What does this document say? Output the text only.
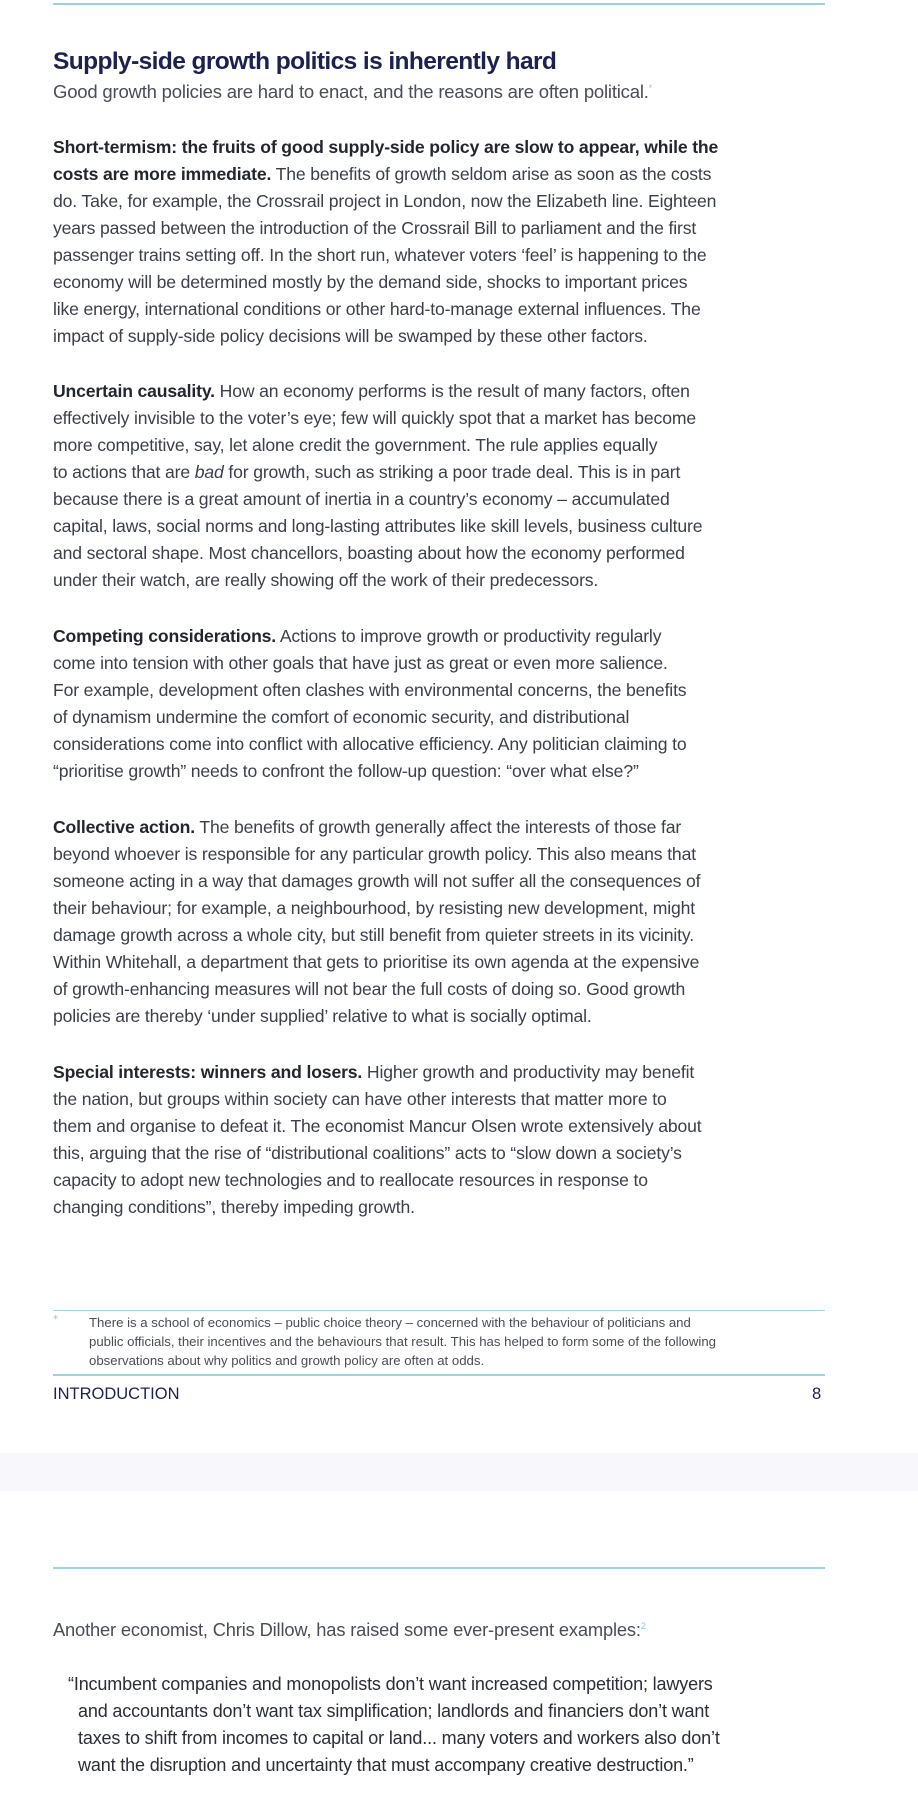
Supply-side growth politics is inherently hard
Good growth policies are hard to enact, and the reasons are often political.*
Short-termism: the fruits of good supply-side policy are slow to appear, while the
costs are more immediate. The benefits of growth seldom arise as soon as the costs
do. Take, for example, the Crossrail project in London, now the Elizabeth line. Eighteen
years passed between the introduction of the Crossrail Bill to parliament and the first
passenger trains setting off. In the short run, whatever voters ‘feel’ is happening to the
economy will be determined mostly by the demand side, shocks to important prices
like energy, international conditions or other hard-to-manage external influences. The
impact of supply-side policy decisions will be swamped by these other factors.
Uncertain causality. How an economy performs is the result of many factors, often
effectively invisible to the voter’s eye; few will quickly spot that a market has become
more competitive, say, let alone credit the government. The rule applies equally
to actions that are bad for growth, such as striking a poor trade deal. This is in part
because there is a great amount of inertia in a country’s economy – accumulated
capital, laws, social norms and long-lasting attributes like skill levels, business culture
and sectoral shape. Most chancellors, boasting about how the economy performed
under their watch, are really showing off the work of their predecessors.
Competing considerations. Actions to improve growth or productivity regularly
come into tension with other goals that have just as great or even more salience.
For example, development often clashes with environmental concerns, the benefits
of dynamism undermine the comfort of economic security, and distributional
considerations come into conflict with allocative efficiency. Any politician claiming to
“prioritise growth” needs to confront the follow-up question: “over what else?”
Collective action. The benefits of growth generally affect the interests of those far
beyond whoever is responsible for any particular growth policy. This also means that
someone acting in a way that damages growth will not suffer all the consequences of
their behaviour; for example, a neighbourhood, by resisting new development, might
damage growth across a whole city, but still benefit from quieter streets in its vicinity.
Within Whitehall, a department that gets to prioritise its own agenda at the expensive
of growth-enhancing measures will not bear the full costs of doing so. Good growth
policies are thereby ‘under supplied’ relative to what is socially optimal.
Special interests: winners and losers. Higher growth and productivity may benefit
the nation, but groups within society can have other interests that matter more to
them and organise to defeat it. The economist Mancur Olsen wrote extensively about
this, arguing that the rise of “distributional coalitions” acts to “slow down a society’s
capacity to adopt new technologies and to reallocate resources in response to
changing conditions”, thereby impeding growth.
* There is a school of economics – public choice theory – concerned with the behaviour of politicians and
public officials, their incentives and the behaviours that result. This has helped to form some of the following
observations about why politics and growth policy are often at odds.
INTRODUCTION	8
Another economist, Chris Dillow, has raised some ever-present examples:$^2$
“Incumbent companies and monopolists don’t want increased competition; lawyers
and accountants don’t want tax simplification; landlords and financiers don’t want
taxes to shift from incomes to capital or land... many voters and workers also don’t
want the disruption and uncertainty that must accompany creative destruction.”
